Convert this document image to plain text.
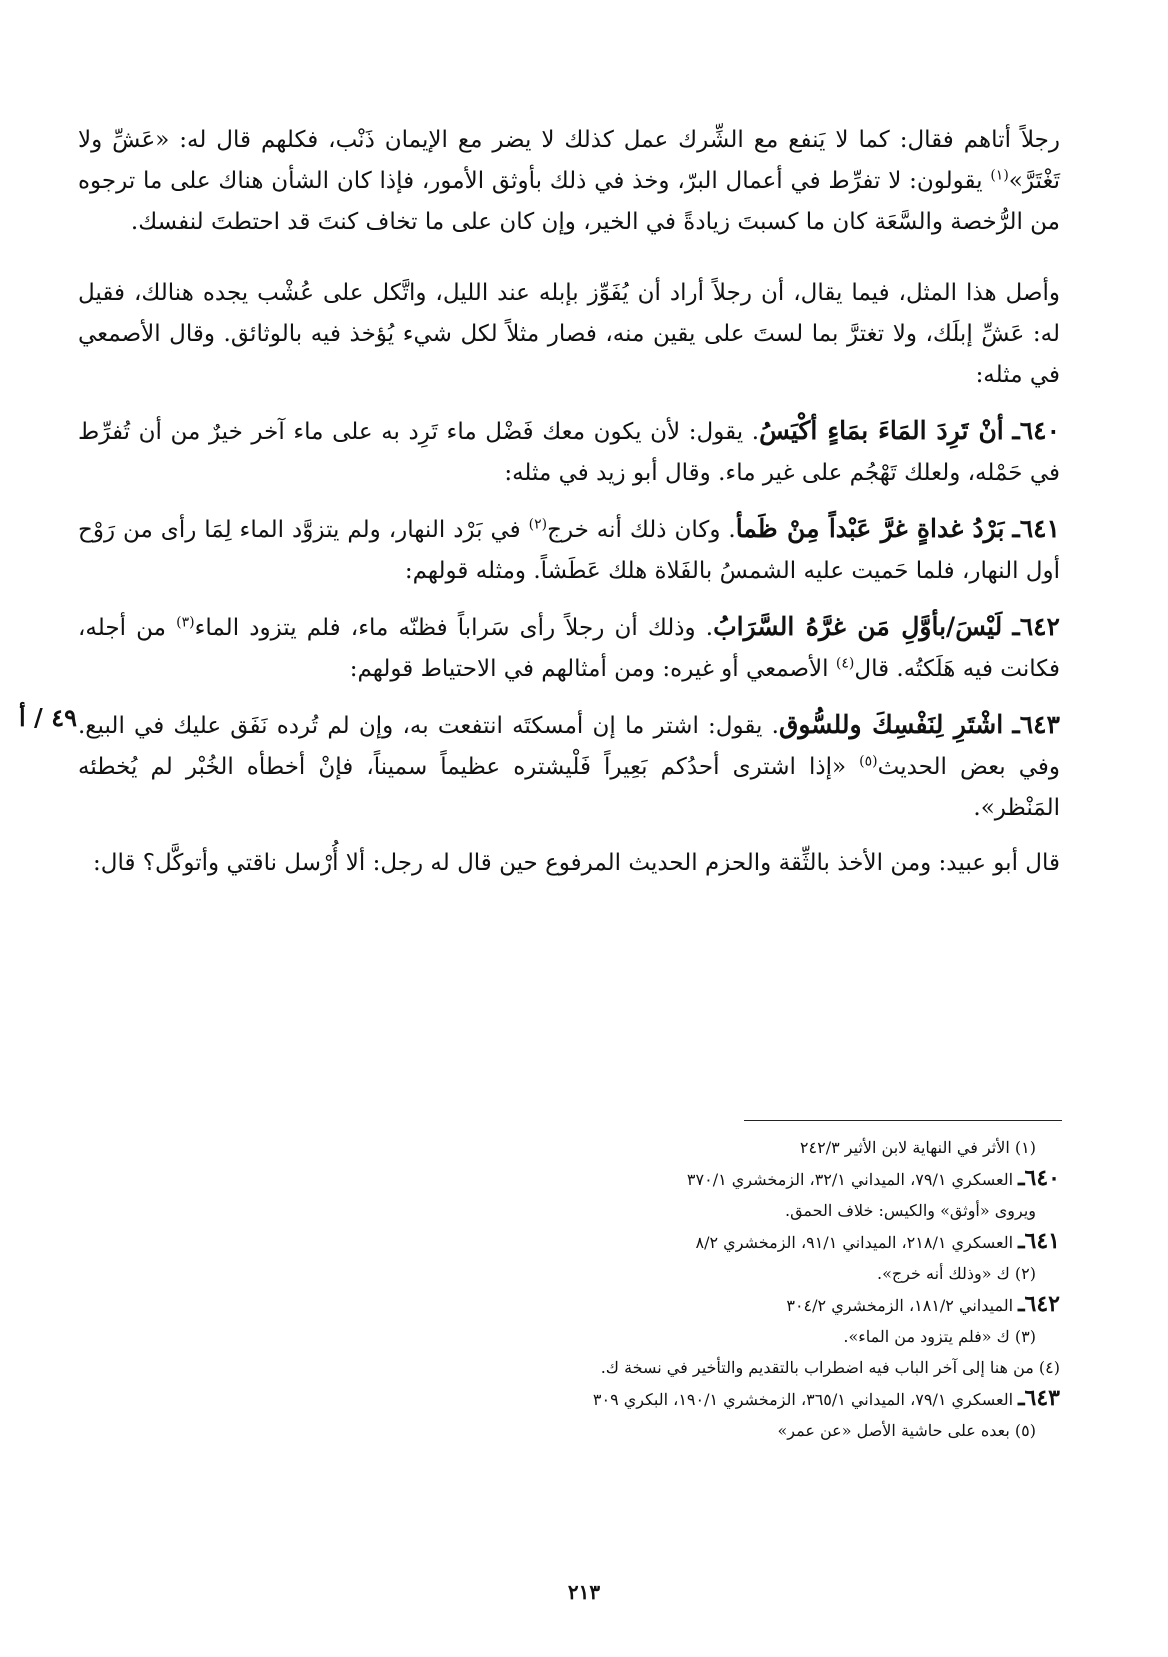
رجلاً أتاهم فقال: كما لا يَنفع مع الشِّرك عمل كذلك لا يضر مع الإيمان ذَنْب، فكلهم قال له: «عَشِّ ولا تَغْتَرَّ»$^{(١)}$ يقولون: لا تفرِّط في أعمال البرّ، وخذ في ذلك بأوثق الأمور، فإذا كان الشأن هناك على ما ترجوه من الرُّخصة والسَّعَة كان ما كسبتَ زيادةً في الخير، وإن كان على ما تخاف كنتَ قد احتطتَ لنفسك.

وأصل هذا المثل، فيما يقال، أن رجلاً أراد أن يُفَوِّز بإبله عند الليل، واتَّكل على عُشْب يجده هنالك، فقيل له: عَشِّ إبلَك، ولا تغترَّ بما لستَ على يقين منه، فصار مثلاً لكل شيء يُؤخذ فيه بالوثائق. وقال الأصمعي في مثله:

٦٤٠ـ أنْ تَرِدَ المَاءَ بمَاءٍ أكْيَسُ. يقول: لأن يكون معك فَضْل ماء تَرِد به على ماء آخر خيرٌ من أن تُفرِّط في حَمْله، ولعلك تَهْجُم على غير ماء. وقال أبو زيد في مثله:

٦٤١ـ بَرْدُ غداةٍ غرَّ عَبْداً مِنْ ظَمأ. وكان ذلك أنه خرج$^{(٢)}$ في بَرْد النهار، ولم يتزوَّد الماء لِمَا رأى من رَوْح أول النهار، فلما حَميت عليه الشمسُ بالفَلاة هلك عَطَشاً. ومثله قولهم:

٦٤٢ـ لَيْسَ/بأوَّلِ مَن غرَّهُ السَّرَابُ. وذلك أن رجلاً رأى سَراباً فظنّه ماء، فلم يتزود الماء$^{(٣)}$ من أجله، فكانت فيه هَلَكتُه. قال$^{(٤)}$ الأصمعي أو غيره: ومن أمثالهم في الاحتياط قولهم:

٦٤٣ـ اشْتَرِ لِنَفْسِكَ وللسُّوق. يقول: اشتر ما إن أمسكتَه انتفعت به، وإن لم تُرده نَفَق عليك في البيع. وفي بعض الحديث$^{(٥)}$ «إذا اشترى أحدُكم بَعِيراً فَلْيشتره عظيماً سميناً، فإنْ أخطأه الخُبْر لم يُخطئه المَنْظر».

قال أبو عبيد: ومن الأخذ بالثِّقة والحزم الحديث المرفوع حين قال له رجل: ألا أُرْسل ناقتي وأتوكَّل؟ قال:

٤٩ / أ

(١) الأثر في النهاية لابن الأثير ٢٤٢/٣

٦٤٠ـ العسكري ٧٩/١، الميداني ٣٢/١، الزمخشري ٣٧٠/١

ويروى «أوثق» والكيس: خلاف الحمق.

٦٤١ـ العسكري ٢١٨/١، الميداني ٩١/١، الزمخشري ٨/٢

(٢) ك «وذلك أنه خرج».

٦٤٢ـ الميداني ١٨١/٢، الزمخشري ٣٠٤/٢

(٣) ك «فلم يتزود من الماء».

(٤) من هنا إلى آخر الباب فيه اضطراب بالتقديم والتأخير في نسخة ك.

٦٤٣ـ العسكري ٧٩/١، الميداني ٣٦٥/١، الزمخشري ١٩٠/١، البكري ٣٠٩

(٥) بعده على حاشية الأصل «عن عمر»

٢١٣
